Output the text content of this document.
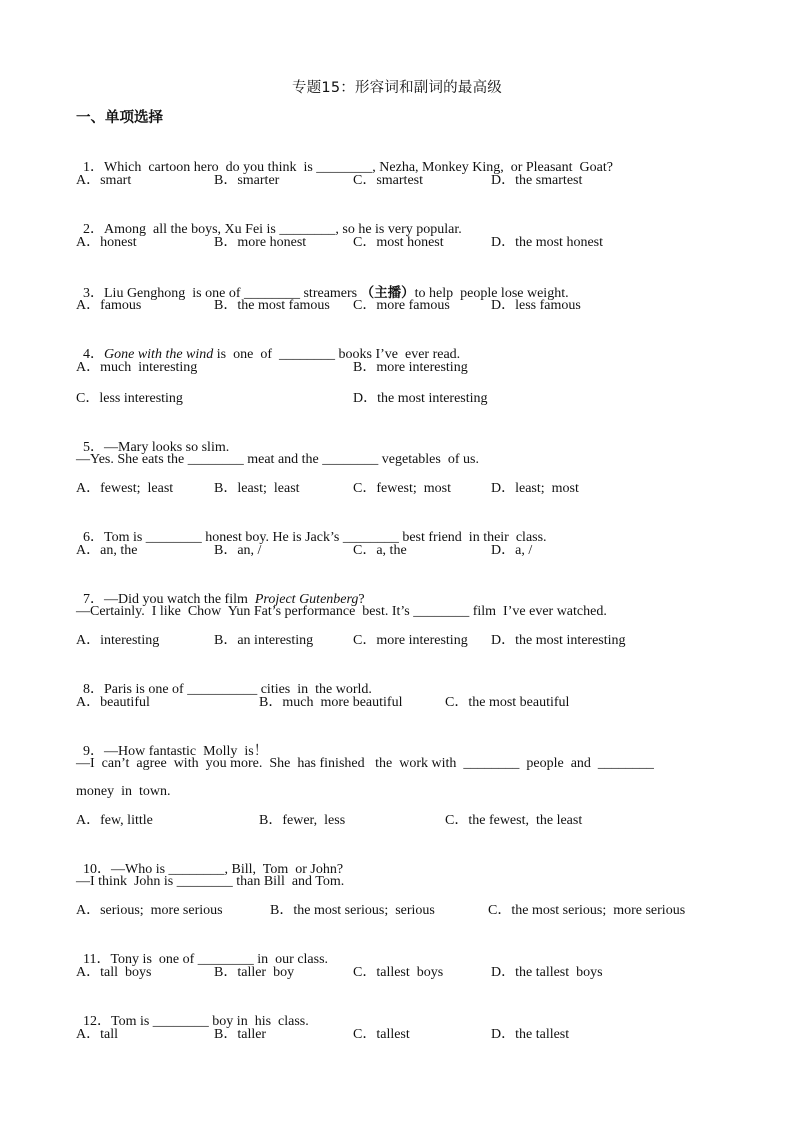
专题15：形容词和副词的最高级
一、单项选择

1．Which  cartoon hero  do you think  is ________, Nezha, Monkey King,  or Pleasant  Goat?

A．smart	B．smarter	C．smartest	D．the smartest

2．Among  all the boys, Xu Fei is ________, so he is very popular.

A．honest	B．more honest	C．most honest	D．the most honest

3．Liu Genghong  is one of ________ streamers （主播）to help  people lose weight.

A．famous	B．the most famous C．more famous	D．less famous

4．Gone with the wind is  one  of  ________ books I’ve  ever read.

A．much  interesting	B．more interesting
C．less interesting	D．the most interesting

5．—Mary looks so slim.

—Yes. She eats the ________ meat and the ________ vegetables  of us.
A．fewest;  least	B．least;  least	C．fewest;  most	D．least;  most

6．Tom is ________ honest boy. He is Jack’s ________ best friend  in their  class.

A．an, the	B．an, /	C．a, the	D．a, /

7．—Did you watch the film  Project Gutenberg?

—Certainly.  I like  Chow  Yun Fat’s performance  best. It’s ________ film  I’ve ever watched.
A．interesting	B．an interesting	C．more interesting D．the most interesting

8．Paris is one of __________ cities  in  the world.

A．beautiful	B．much  more beautiful	C．the most beautiful

9．—How fantastic  Molly  is！

—I  can’t  agree  with  you more.  She  has finished   the  work with  ________  people  and  ________
money  in  town.
A．few, little	B．fewer,  less	C．the fewest,  the least

10．—Who is ________, Bill,  Tom  or John?

—I think  John is ________ than Bill  and Tom.
A．serious;  more serious	B．the most serious;  serious	C．the most serious;  more serious

11．Tony is  one of ________ in  our class.

A．tall  boys	B．taller  boy	C．tallest  boys	D．the tallest  boys

12．Tom is ________ boy in  his  class.

A．tall	B．taller	C．tallest	D．the tallest
